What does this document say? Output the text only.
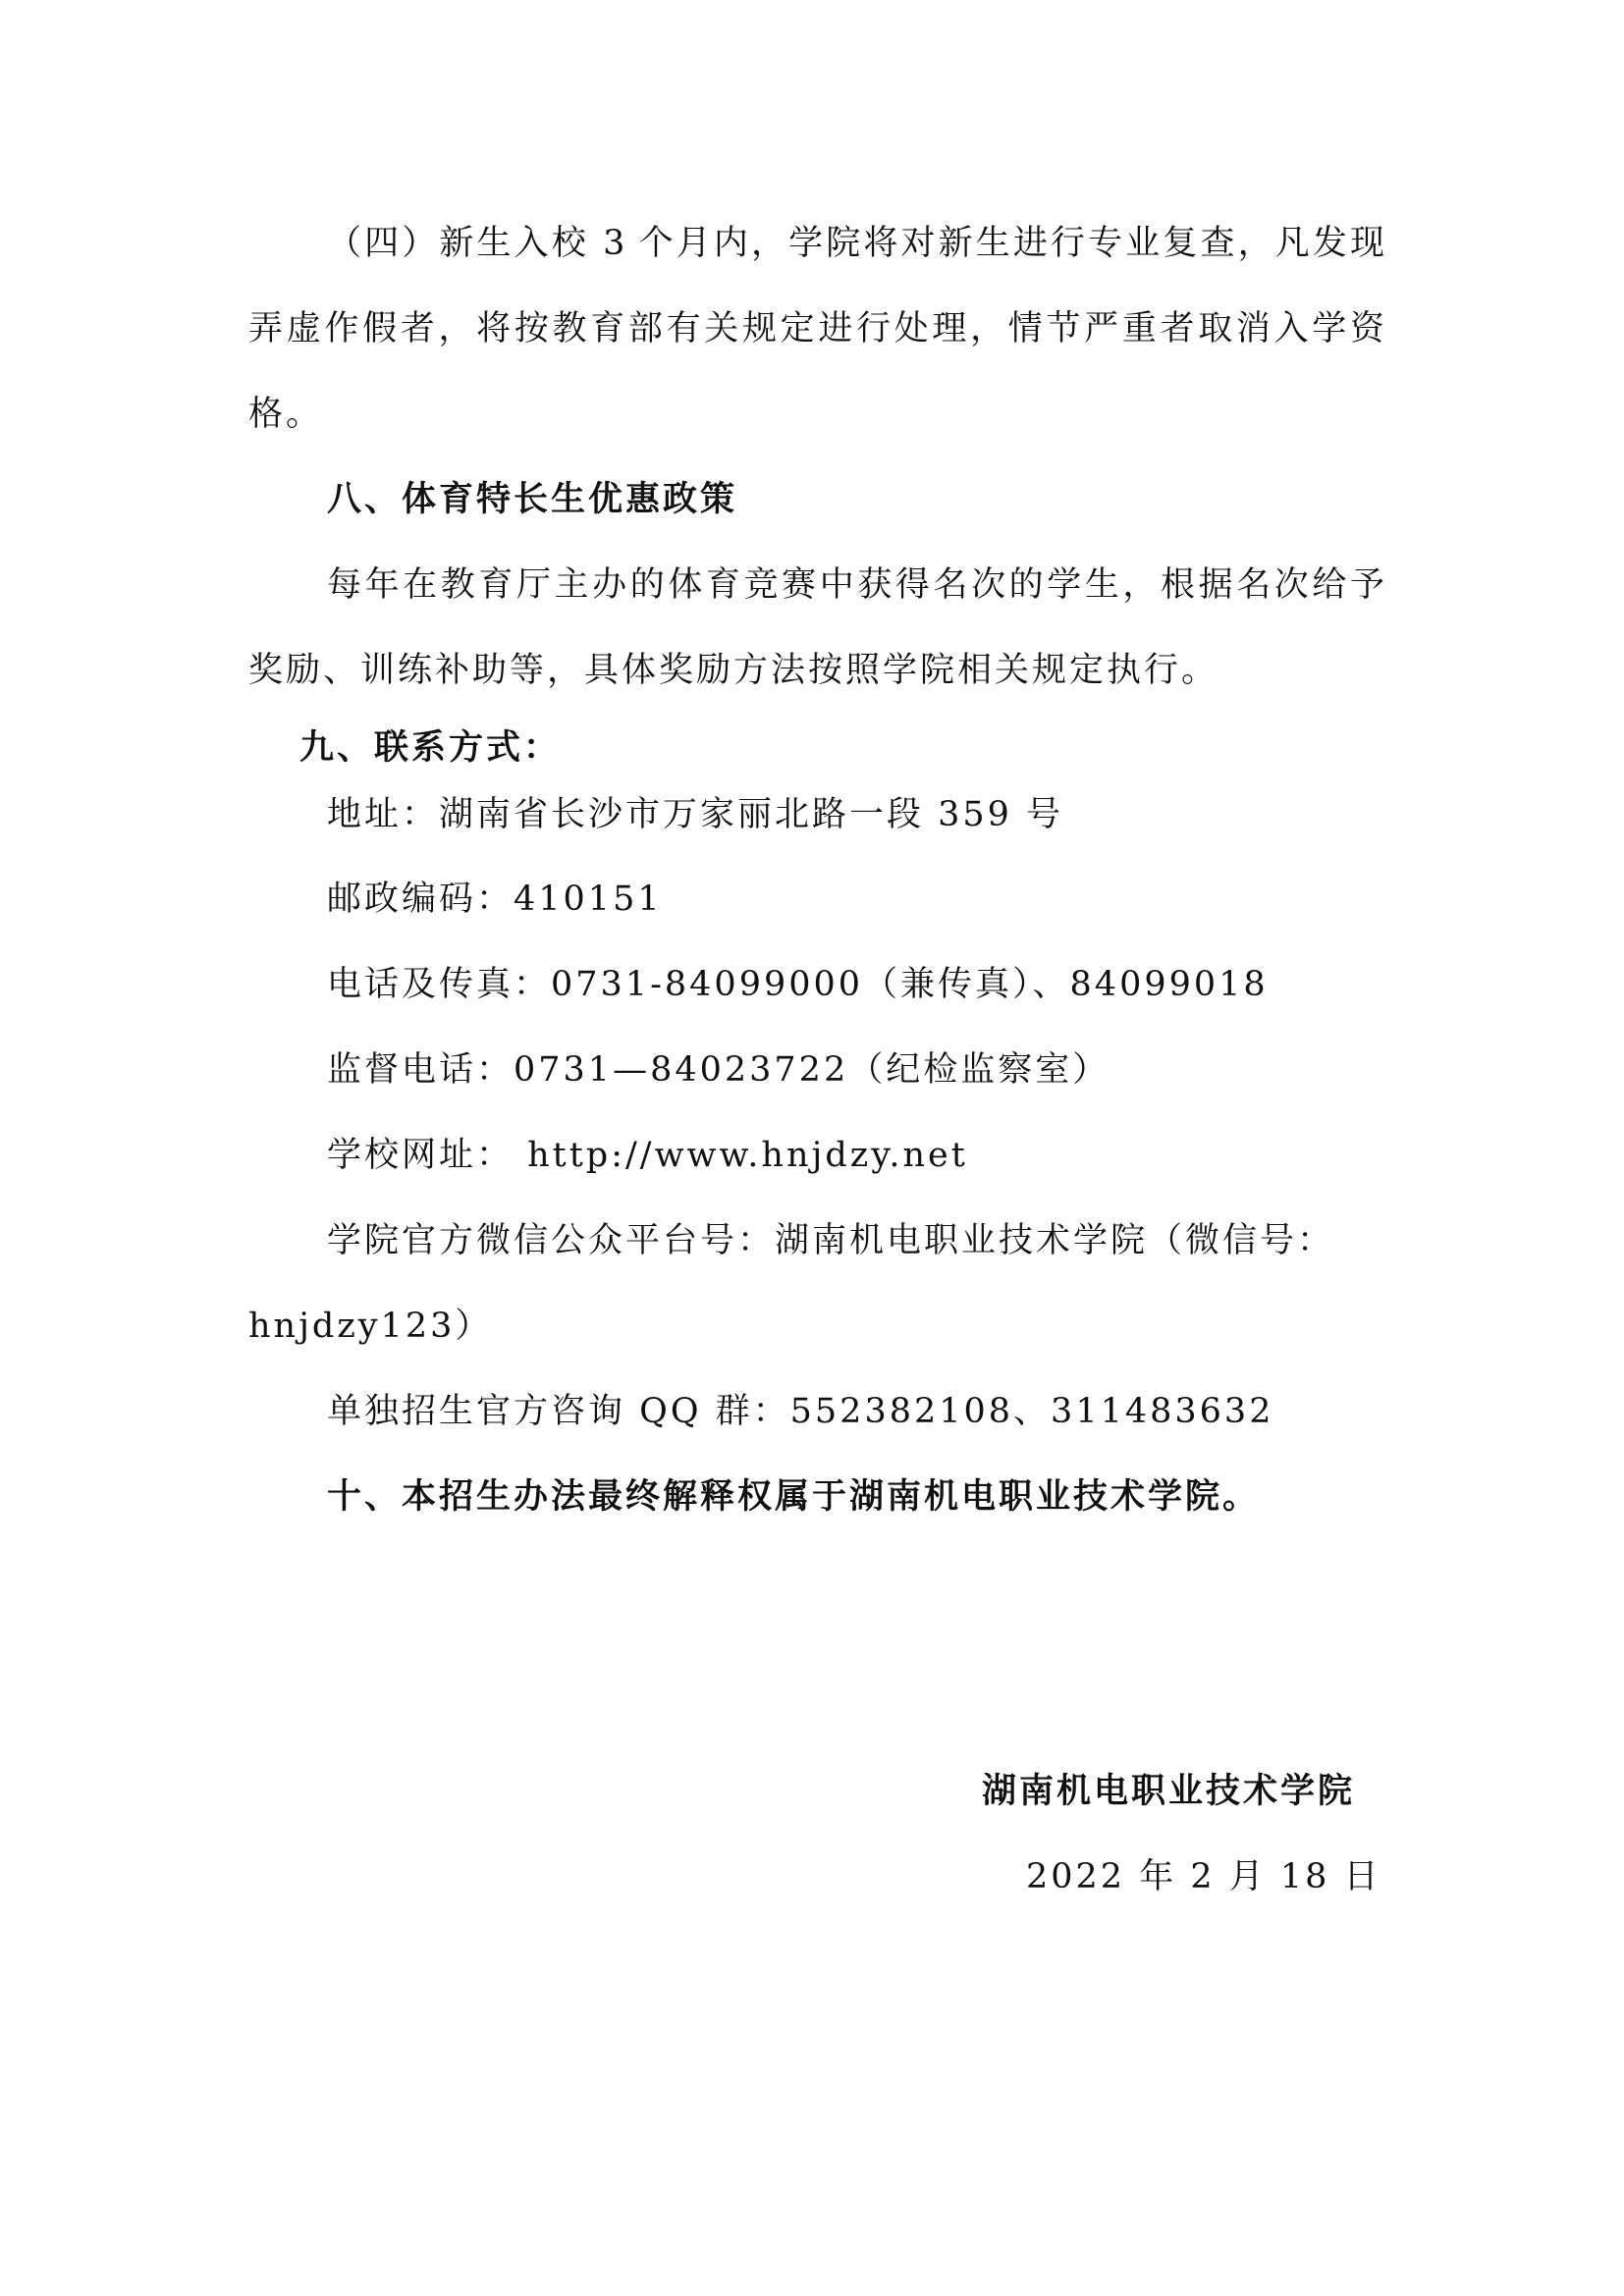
（四）新生入校 3 个月内，学院将对新生进行专业复查，凡发现
弄虚作假者，将按教育部有关规定进行处理，情节严重者取消入学资
格。
八、体育特长生优惠政策
每年在教育厅主办的体育竞赛中获得名次的学生，根据名次给予
奖励、训练补助等，具体奖励方法按照学院相关规定执行。
九、联系方式：
地址：湖南省长沙市万家丽北路一段 359 号
邮政编码：410151
电话及传真：0731-84099000（兼传真）、84099018
监督电话：0731—84023722（纪检监察室）
学校网址： http://www.hnjdzy.net
学院官方微信公众平台号：湖南机电职业技术学院（微信号：
hnjdzy123）
单独招生官方咨询 QQ 群：552382108、311483632
十、本招生办法最终解释权属于湖南机电职业技术学院。
湖南机电职业技术学院
2022 年 2 月 18 日
